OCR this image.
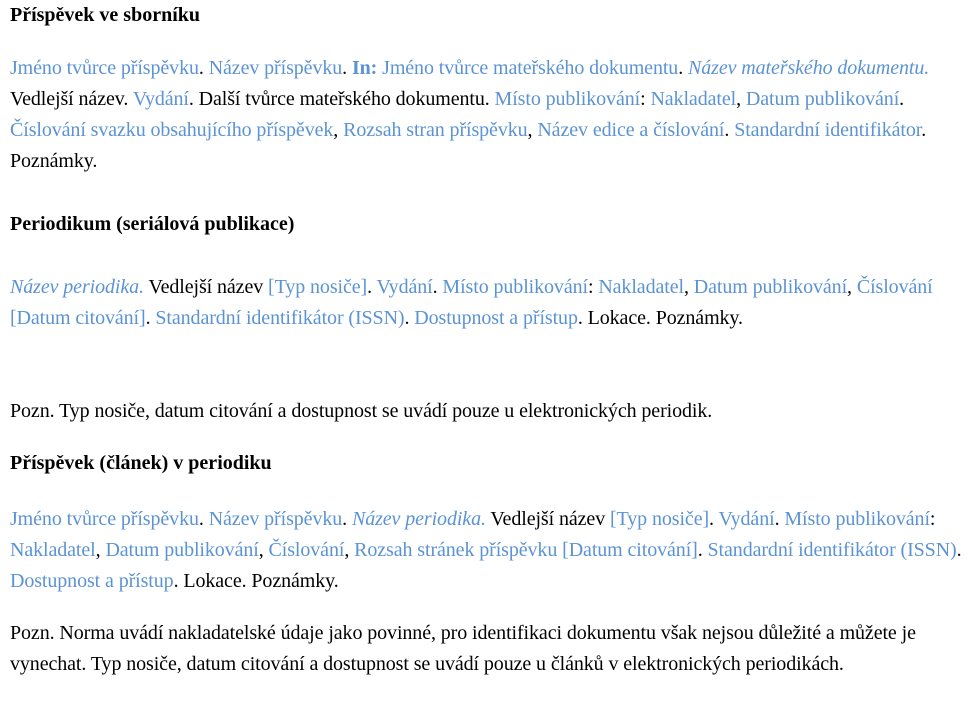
Příspěvek ve sborníku

Jméno tvůrce příspěvku. Název příspěvku. In: Jméno tvůrce mateřského dokumentu. Název mateřského dokumentu. Vedlejší název. Vydání. Další tvůrce mateřského dokumentu. Místo publikování: Nakladatel, Datum publikování. Číslování svazku obsahujícího příspěvek, Rozsah stran příspěvku, Název edice a číslování. Standardní identifikátor. Poznámky.

Periodikum (seriálová publikace)

Název periodika. Vedlejší název [Typ nosiče]. Vydání. Místo publikování: Nakladatel, Datum publikování, Číslování [Datum citování]. Standardní identifikátor (ISSN). Dostupnost a přístup. Lokace. Poznámky.

Pozn. Typ nosiče, datum citování a dostupnost se uvádí pouze u elektronických periodik.

Příspěvek (článek) v periodiku

Jméno tvůrce příspěvku. Název příspěvku. Název periodika. Vedlejší název [Typ nosiče]. Vydání. Místo publikování: Nakladatel, Datum publikování, Číslování, Rozsah stránek příspěvku [Datum citování]. Standardní identifikátor (ISSN). Dostupnost a přístup. Lokace. Poznámky.

Pozn. Norma uvádí nakladatelské údaje jako povinné, pro identifikaci dokumentu však nejsou důležité a můžete je vynechat. Typ nosiče, datum citování a dostupnost se uvádí pouze u článků v elektronických periodikách.
